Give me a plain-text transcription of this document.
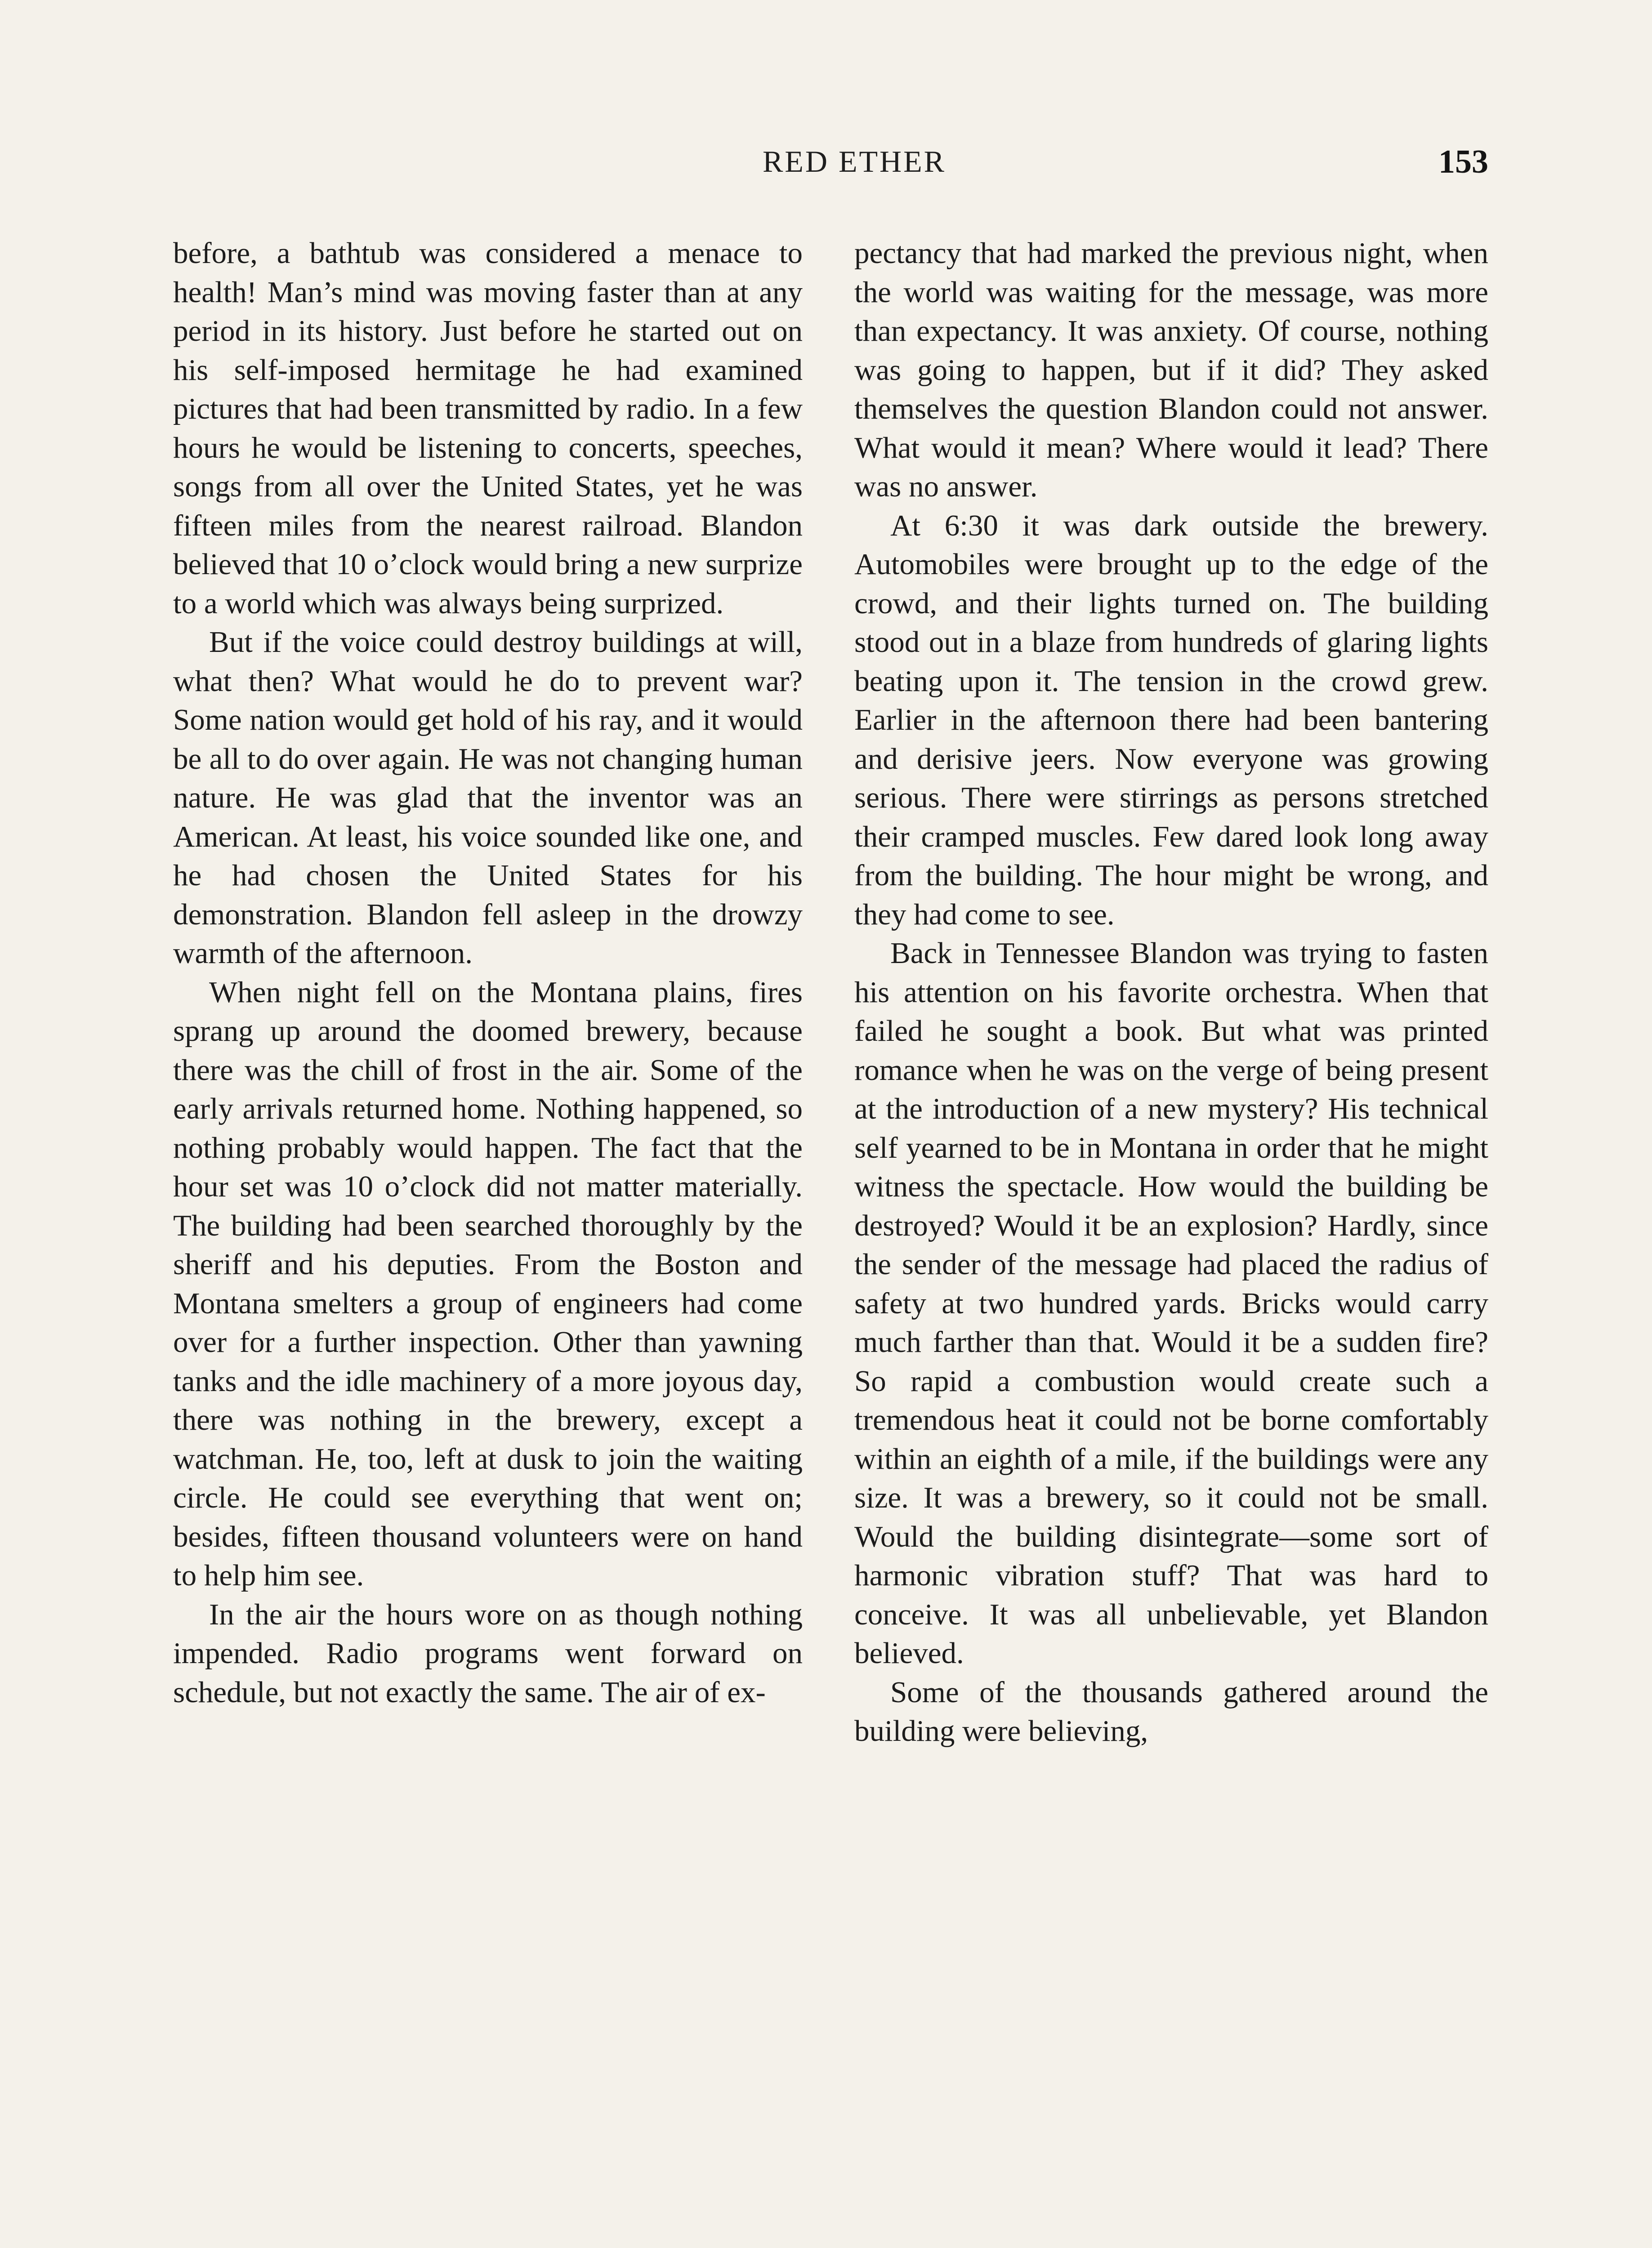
RED ETHER	153

before, a bathtub was considered a menace to health! Man’s mind was moving faster than at any period in its history. Just before he started out on his self-imposed hermitage he had examined pictures that had been transmitted by radio. In a few hours he would be listening to concerts, speeches, songs from all over the United States, yet he was fifteen miles from the nearest railroad. Blandon believed that 10 o’clock would bring a new surprize to a world which was always being surprized.

But if the voice could destroy buildings at will, what then? What would he do to prevent war? Some nation would get hold of his ray, and it would be all to do over again. He was not changing human nature. He was glad that the inventor was an American. At least, his voice sounded like one, and he had chosen the United States for his demonstration. Blandon fell asleep in the drowzy warmth of the afternoon.

When night fell on the Montana plains, fires sprang up around the doomed brewery, because there was the chill of frost in the air. Some of the early arrivals returned home. Nothing happened, so nothing probably would happen. The fact that the hour set was 10 o’clock did not matter materially. The building had been searched thoroughly by the sheriff and his deputies. From the Boston and Montana smelters a group of engineers had come over for a further inspection. Other than yawning tanks and the idle machinery of a more joyous day, there was nothing in the brewery, except a watchman. He, too, left at dusk to join the waiting circle. He could see everything that went on; besides, fifteen thousand volunteers were on hand to help him see.

In the air the hours wore on as though nothing impended. Radio programs went forward on schedule, but not exactly the same. The air of ex-

pectancy that had marked the previous night, when the world was waiting for the message, was more than expectancy. It was anxiety. Of course, nothing was going to happen, but if it did? They asked themselves the question Blandon could not answer. What would it mean? Where would it lead? There was no answer.

At 6:30 it was dark outside the brewery. Automobiles were brought up to the edge of the crowd, and their lights turned on. The building stood out in a blaze from hundreds of glaring lights beating upon it. The tension in the crowd grew. Earlier in the afternoon there had been bantering and derisive jeers. Now everyone was growing serious. There were stirrings as persons stretched their cramped muscles. Few dared look long away from the building. The hour might be wrong, and they had come to see.

Back in Tennessee Blandon was trying to fasten his attention on his favorite orchestra. When that failed he sought a book. But what was printed romance when he was on the verge of being present at the introduction of a new mystery? His technical self yearned to be in Montana in order that he might witness the spectacle. How would the building be destroyed? Would it be an explosion? Hardly, since the sender of the message had placed the radius of safety at two hundred yards. Bricks would carry much farther than that. Would it be a sudden fire? So rapid a combustion would create such a tremendous heat it could not be borne comfortably within an eighth of a mile, if the buildings were any size. It was a brewery, so it could not be small. Would the building disintegrate—some sort of harmonic vibration stuff? That was hard to conceive. It was all unbelievable, yet Blandon believed.

Some of the thousands gathered around the building were believing,
